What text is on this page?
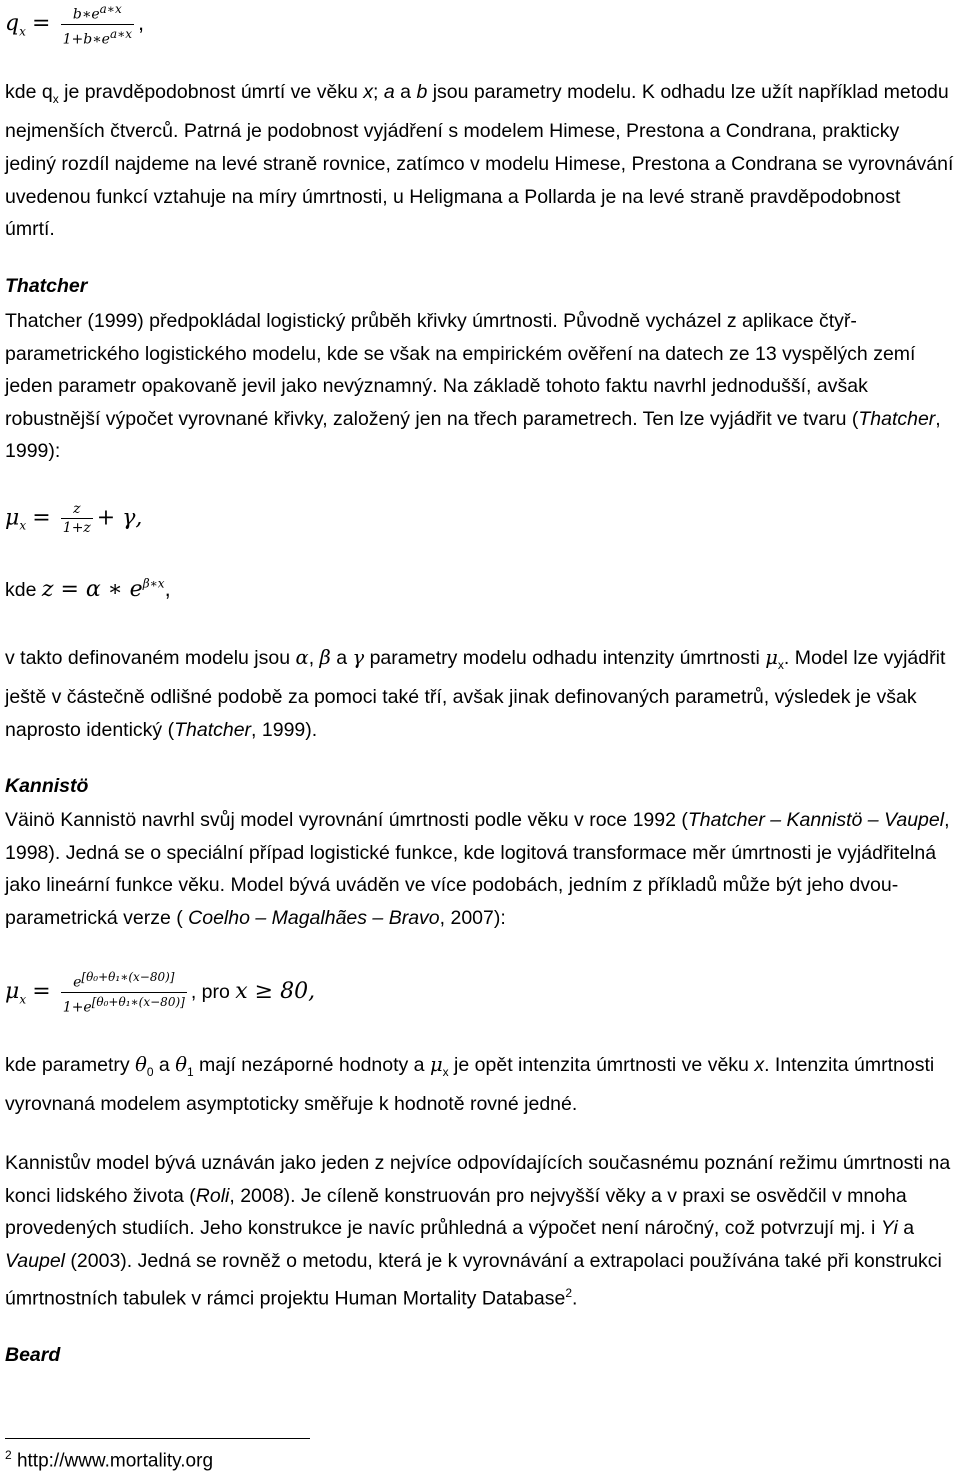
$q_x = \frac{b∗e^{a∗x}}{1+b∗e^{a∗x}}$ ,

kde $q_x$ je pravděpodobnost úmrtí ve věku x; a a b jsou parametry modelu. K odhadu lze užít například metodu nejmenších čtverců. Patrná je podobnost vyjádření s modelem Himese, Prestona a Condrana, prakticky jediný rozdíl najdeme na levé straně rovnice, zatímco v modelu Himese, Prestona a Condrana se vyrovnávání uvedenou funkcí vztahuje na míry úmrtnosti, u Heligmana a Pollarda je na levé straně pravděpodobnost úmrtí.

Thatcher

Thatcher (1999) předpokládal logistický průběh křivky úmrtnosti. Původně vycházel z aplikace čtyř-parametrického logistického modelu, kde se však na empirickém ověření na datech ze 13 vyspělých zemí jeden parametr opakovaně jevil jako nevýznamný. Na základě tohoto faktu navrhl jednodušší, avšak robustnější výpočet vyrovnané křivky, založený jen na třech parametrech. Ten lze vyjádřit ve tvaru (Thatcher, 1999):

$\mu_x = \frac{z}{1+z} + \gamma$,
kde z = α ∗ $e^{\beta∗x}$,

v takto definovaném modelu jsou α, β a γ parametry modelu odhadu intenzity úmrtnosti $\mu_x$. Model lze vyjádřit ještě v částečně odlišné podobě za pomoci také tří, avšak jinak definovaných parametrů, výsledek je však naprosto identický (Thatcher, 1999).

Kannistö

Väinö Kannistö navrhl svůj model vyrovnání úmrtnosti podle věku v roce 1992 (Thatcher – Kannistö – Vaupel, 1998). Jedná se o speciální případ logistické funkce, kde logitová transformace měr úmrtnosti je vyjádřitelná jako lineární funkce věku. Model bývá uváděn ve více podobách, jedním z příkladů může být jeho dvou-parametrická verze ( Coelho – Magalhães – Bravo, 2007):

$\mu_x = \frac{e^{[\theta_0+\theta_1∗(x-80)]}}{1+e^{[\theta_0+\theta_1∗(x-80)]}}$ , pro x ≥ 80,

kde parametry $\theta_0$ a $\theta_1$ mají nezáporné hodnoty a $\mu_x$ je opět intenzita úmrtnosti ve věku x. Intenzita úmrtnosti vyrovnaná modelem asymptoticky směřuje k hodnotě rovné jedné.

Kannistův model bývá uznáván jako jeden z nejvíce odpovídajících současnému poznání režimu úmrtnosti na konci lidského života (Roli, 2008). Je cíleně konstruován pro nejvyšší věky a v praxi se osvědčil v mnoha provedených studiích. Jeho konstrukce je navíc průhledná a výpočet není náročný, což potvrzují mj. i Yi a Vaupel (2003). Jedná se rovněž o metodu, která je k vyrovnávání a extrapolaci používána také při konstrukci úmrtnostních tabulek v rámci projektu Human Mortality Database$^2$.

Beard
$^2$ http://www.mortality.org
